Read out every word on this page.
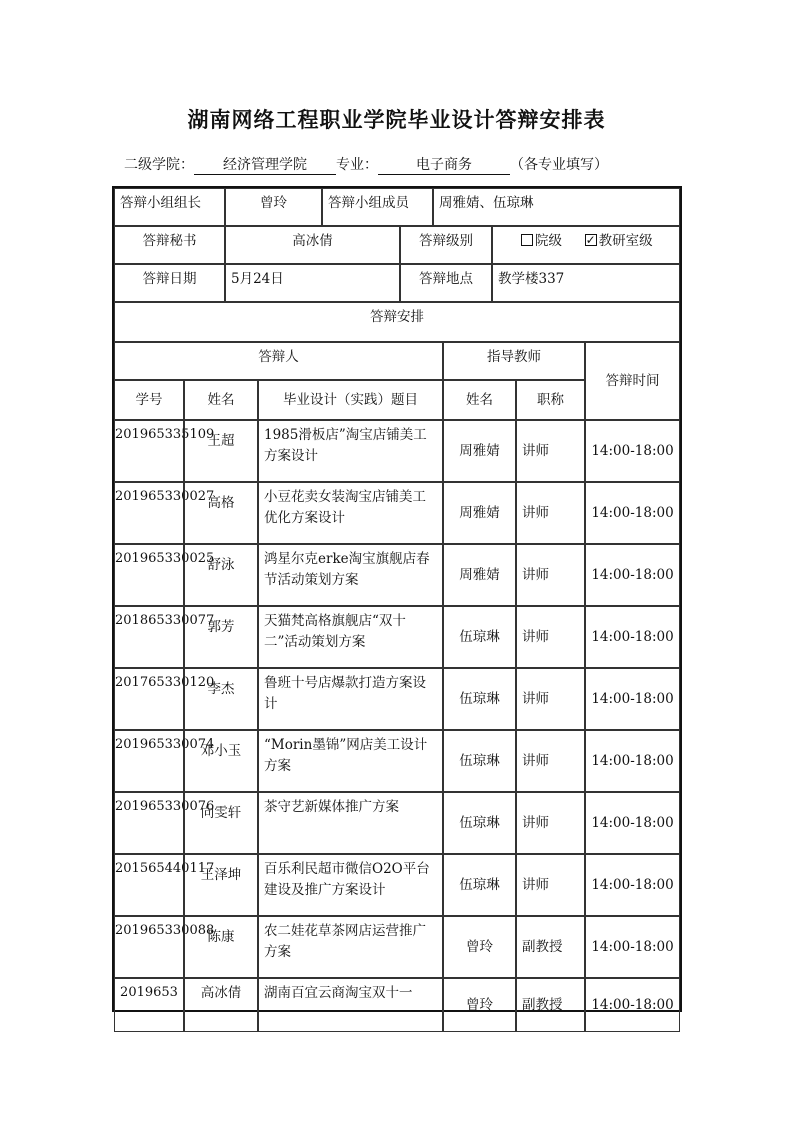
湖南网络工程职业学院毕业设计答辩安排表
二级学院： 经济管理学院 专业：	电子商务	（各专业填写）
答辩小组组长	曾玲	答辩小组成员	周雅婧、伍琼琳
答辩秘书	高冰倩	答辩级别	院级  ✓	教研室级
答辩日期	5月24日	答辩地点	教学楼337
答辩安排
答辩人	指导教师
答辩时间
学号	姓名	毕业设计（实践）题目	姓名	职称
201965335109
王超	1985滑板店”淘宝店铺美工方案设计	周雅婧	讲师	14:00-18:00
201965330027
高格	小豆花卖女装淘宝店铺美工优化方案设计	周雅婧	讲师	14:00-18:00
201965330025
舒泳	鸿星尔克erke淘宝旗舰店春节活动策划方案	周雅婧	讲师	14:00-18:00
201865330077
郭芳	天猫梵高格旗舰店“双十二”活动策划方案	伍琼琳	讲师	14:00-18:00
201765330120
李杰	鲁班十号店爆款打造方案设计	伍琼琳	讲师	14:00-18:00
201965330074
邓小玉	“Morin墨锦”网店美工设计方案	伍琼琳	讲师	14:00-18:00
201965330076
向雯轩	茶守艺新媒体推广方案
伍琼琳	讲师	14:00-18:00
201565440117
王泽坤	百乐利民超市微信O2O平台建设及推广方案设计	伍琼琳	讲师	14:00-18:00
201965330088
陈康	农二娃花草茶网店运营推广方案	曾玲	副教授	14:00-18:00
2019653	高冰倩	湖南百宜云商淘宝双十一
曾玲	副教授	14:00-18:00
